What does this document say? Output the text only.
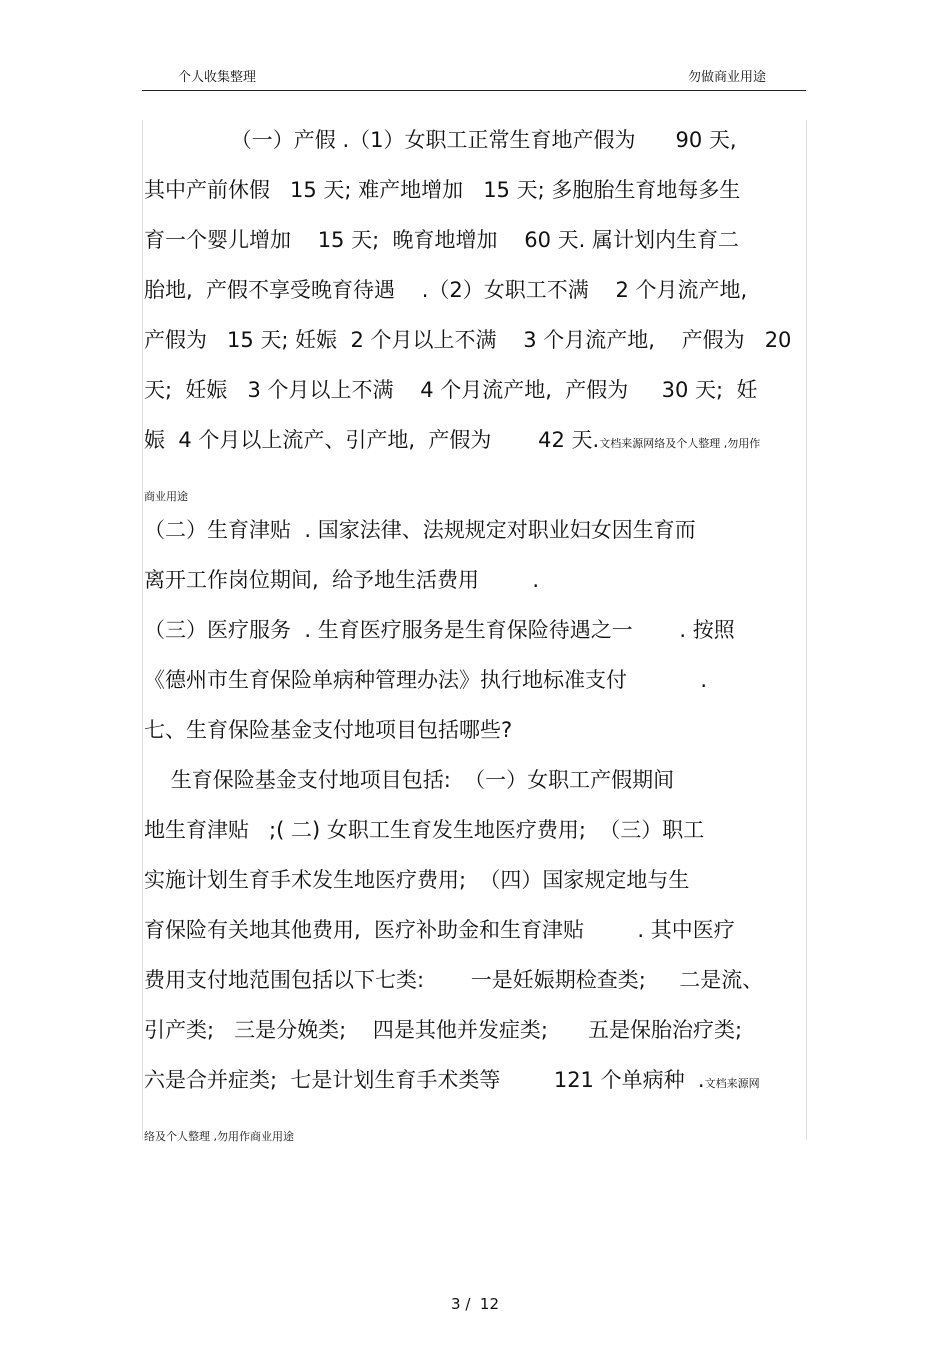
个人收集整理	勿做商业用途
（一）产假 .（1）女职工正常生育地产假为      90 天,
其中产前休假   15 天; 难产地增加   15 天; 多胞胎生育地每多生
育一个婴儿增加    15 天;  晚育地增加    60 天. 属计划内生育二
胎地,  产假不享受晚育待遇    .（2）女职工不满    2 个月流产地,
产假为   15 天; 妊娠  2 个月以上不满    3 个月流产地,    产假为   20
天;  妊娠   3 个月以上不满    4 个月流产地,  产假为     30 天;  妊
娠  4 个月以上流产、引产地,  产假为       42 天.文档来源网络及个人整理 ,勿用作
商业用途
（二）生育津贴  . 国家法律、法规规定对职业妇女因生育而
离开工作岗位期间,  给予地生活费用        .
（三）医疗服务  . 生育医疗服务是生育保险待遇之一       . 按照
《德州市生育保险单病种管理办法》执行地标准支付           .
七、生育保险基金支付地项目包括哪些?
生育保险基金支付地项目包括:  （一）女职工产假期间
地生育津贴   ;( 二) 女职工生育发生地医疗费用;  （三）职工
实施计划生育手术发生地医疗费用;  （四）国家规定地与生
育保险有关地其他费用,  医疗补助金和生育津贴        . 其中医疗
费用支付地范围包括以下七类:       一是妊娠期检查类;     二是流、
引产类;   三是分娩类;    四是其他并发症类;      五是保胎治疗类;
六是合并症类;  七是计划生育手术类等        121 个单病种  .文档来源网
络及个人整理 ,勿用作商业用途
3 / 12
